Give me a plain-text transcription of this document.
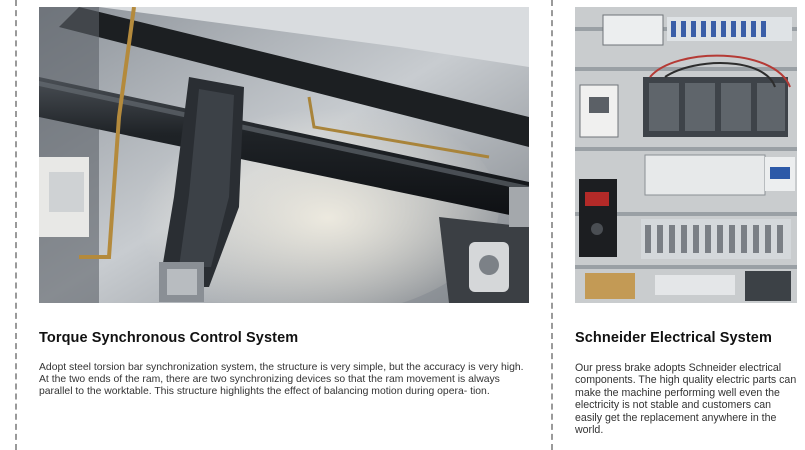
Torque Synchronous Control System
Adopt steel torsion bar synchronization system, the structure is very simple, but the accuracy is very high. At the two ends of the ram, there are two synchronizing devices so that the ram movement is always parallel to the worktable. This structure highlights the effect of balancing motion during opera- tion.
Schneider Electrical System
Our press brake adopts Schneider electrical components. The high quality electric parts can make the machine performing well even the electricity is not stable and customers can easily get the replacement anywhere in the world.
